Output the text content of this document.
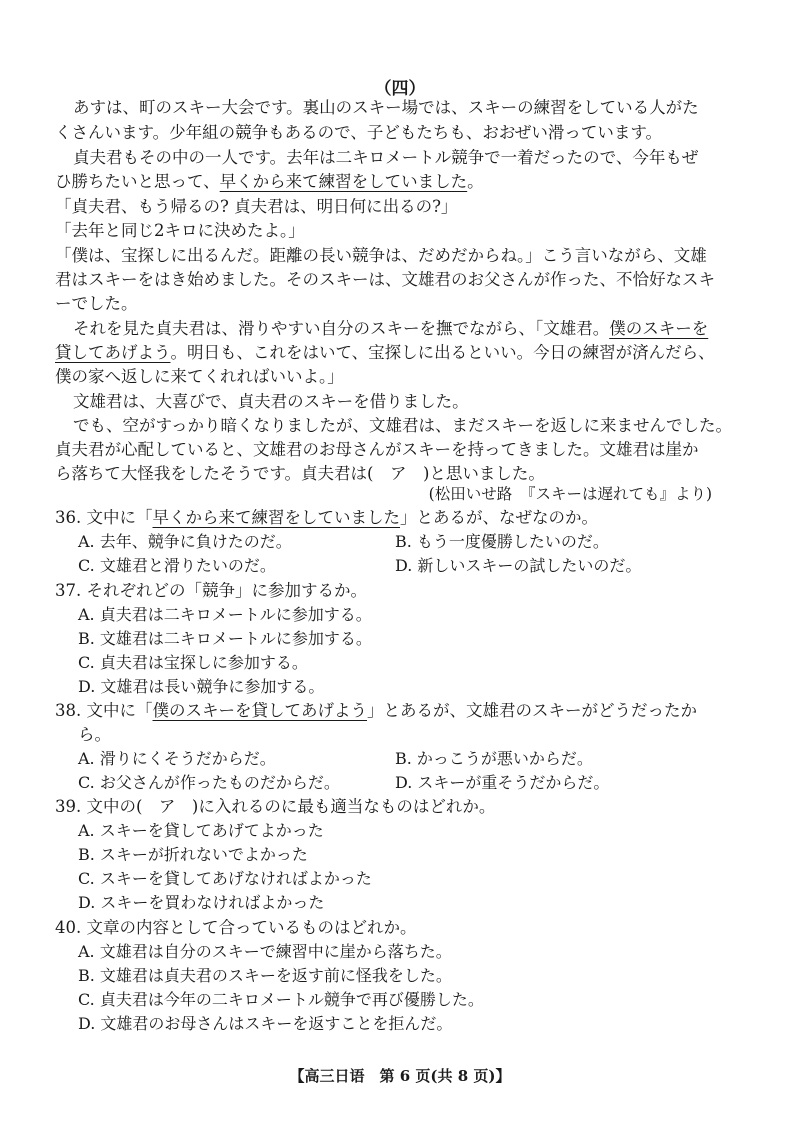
（四）
あすは、町のスキー大会です。裏山のスキー場では、スキーの練習をしている人がた
くさんいます。少年組の競争もあるので、子どもたちも、おおぜい滑っています。
貞夫君もその中の一人です。去年は二キロメートル競争で一着だったので、今年もぜ
ひ勝ちたいと思って、早くから来て練習をしていました。
「貞夫君、もう帰るの? 貞夫君は、明日何に出るの?」
「去年と同じ2キロに決めたよ。」
「僕は、宝探しに出るんだ。距離の長い競争は、だめだからね。」こう言いながら、文雄
君はスキーをはき始めました。そのスキーは、文雄君のお父さんが作った、不恰好なスキ
ーでした。
それを見た貞夫君は、滑りやすい自分のスキーを撫でながら、「文雄君。僕のスキーを
貸してあげよう。明日も、これをはいて、宝探しに出るといい。今日の練習が済んだら、
僕の家へ返しに来てくれればいいよ。」
文雄君は、大喜びで、貞夫君のスキーを借りました。
でも、空がすっかり暗くなりましたが、文雄君は、まだスキーを返しに来ませんでした。
貞夫君が心配していると、文雄君のお母さんがスキーを持ってきました。文雄君は崖か
ら落ちて大怪我をしたそうです。貞夫君は(　ア　)と思いました。
(松田いせ路　『スキーは遅れても』より)
36. 文中に「早くから来て練習をしていました」とあるが、なぜなのか。
A. 去年、競争に負けたのだ。	B. もう一度優勝したいのだ。
C. 文雄君と滑りたいのだ。	D. 新しいスキーの試したいのだ。
37. それぞれどの「競争」に参加するか。
A. 貞夫君は二キロメートルに参加する。
B. 文雄君は二キロメートルに参加する。
C. 貞夫君は宝探しに参加する。
D. 文雄君は長い競争に参加する。
38. 文中に「僕のスキーを貸してあげよう」とあるが、文雄君のスキーがどうだったか
ら。
A. 滑りにくそうだからだ。	B. かっこうが悪いからだ。
C. お父さんが作ったものだからだ。	D. スキーが重そうだからだ。
39. 文中の(　ア　)に入れるのに最も適当なものはどれか。
A. スキーを貸してあげてよかった
B. スキーが折れないでよかった
C. スキーを貸してあげなければよかった
D. スキーを買わなければよかった
40. 文章の内容として合っているものはどれか。
A. 文雄君は自分のスキーで練習中に崖から落ちた。
B. 文雄君は貞夫君のスキーを返す前に怪我をした。
C. 貞夫君は今年の二キロメートル競争で再び優勝した。
D. 文雄君のお母さんはスキーを返すことを拒んだ。
【高三日语　第 6 页(共 8 页)】
